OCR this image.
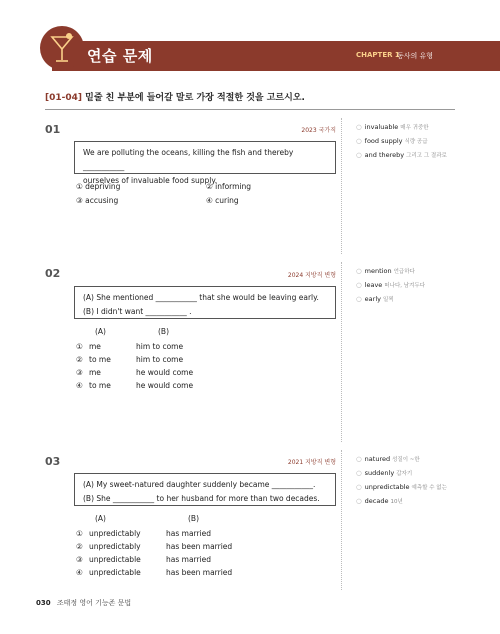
연습 문제	CHAPTER 1
동사의 유형
[01-04] 밑줄 친 부분에 들어갈 말로 가장 적절한 것을 고르시오.
01	2023 국가직
We are polluting the oceans, killing the fish and thereby ___________
ourselves of invaluable food supply.
① depriving	② informing
③ accusing	④ curing
○ invaluable 매우 귀중한
○ food supply 식량 공급
○ and thereby 그리고 그 결과로
02	2024 지방직 변형
(A) She mentioned ___________ that she would be leaving early.
(B) I didn't want ___________ .
(A)	(B)
① me	him to come
② to me	him to come
③ me	he would come
④ to me	he would come
○ mention 언급하다
○ leave 떠나다, 남겨두다
○ early 일찍
03	2021 지방직 변형
(A) My sweet-natured daughter suddenly became ___________.
(B) She ___________ to her husband for more than two decades.
(A)	(B)
① unpredictably	has married
② unpredictably	has been married
③ unpredictable	has married
④ unpredictable	has been married
○ natured 성질이 ~한
○ suddenly 갑자기
○ unpredictable 예측할 수 없는
○ decade 10년
030 조태정 영어 기능존 문법
